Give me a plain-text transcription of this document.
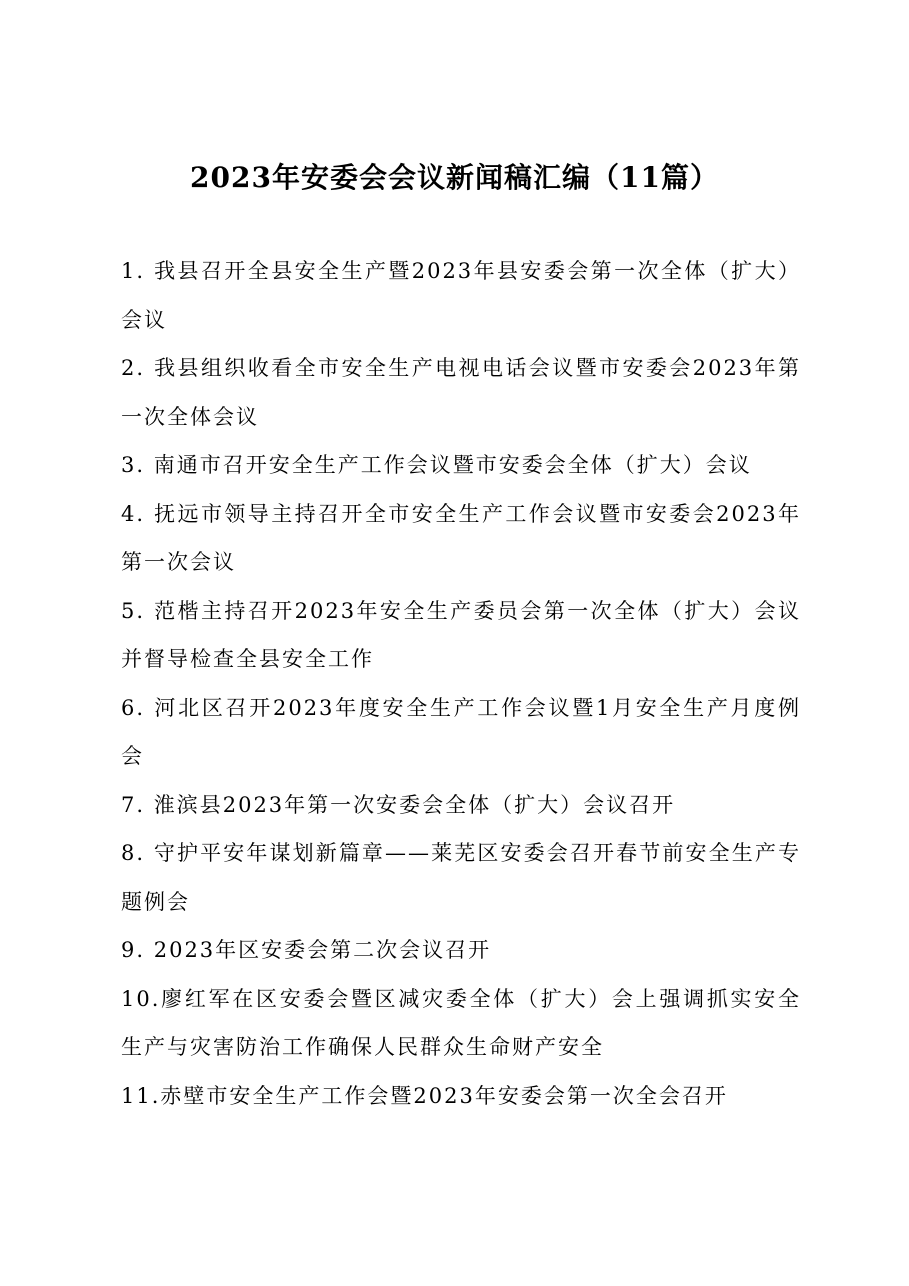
2023年安委会会议新闻稿汇编（11篇）
1. 我县召开全县安全生产暨2023年县安委会第一次全体（扩大）会议
2. 我县组织收看全市安全生产电视电话会议暨市安委会2023年第一次全体会议
3. 南通市召开安全生产工作会议暨市安委会全体（扩大）会议
4. 抚远市领导主持召开全市安全生产工作会议暨市安委会2023年第一次会议
5. 范楷主持召开2023年安全生产委员会第一次全体（扩大）会议并督导检查全县安全工作
6. 河北区召开2023年度安全生产工作会议暨1月安全生产月度例会
7. 淮滨县2023年第一次安委会全体（扩大）会议召开
8. 守护平安年谋划新篇章——莱芜区安委会召开春节前安全生产专题例会
9. 2023年区安委会第二次会议召开
10.廖红军在区安委会暨区减灾委全体（扩大）会上强调抓实安全生产与灾害防治工作确保人民群众生命财产安全
11.赤壁市安全生产工作会暨2023年安委会第一次全会召开
